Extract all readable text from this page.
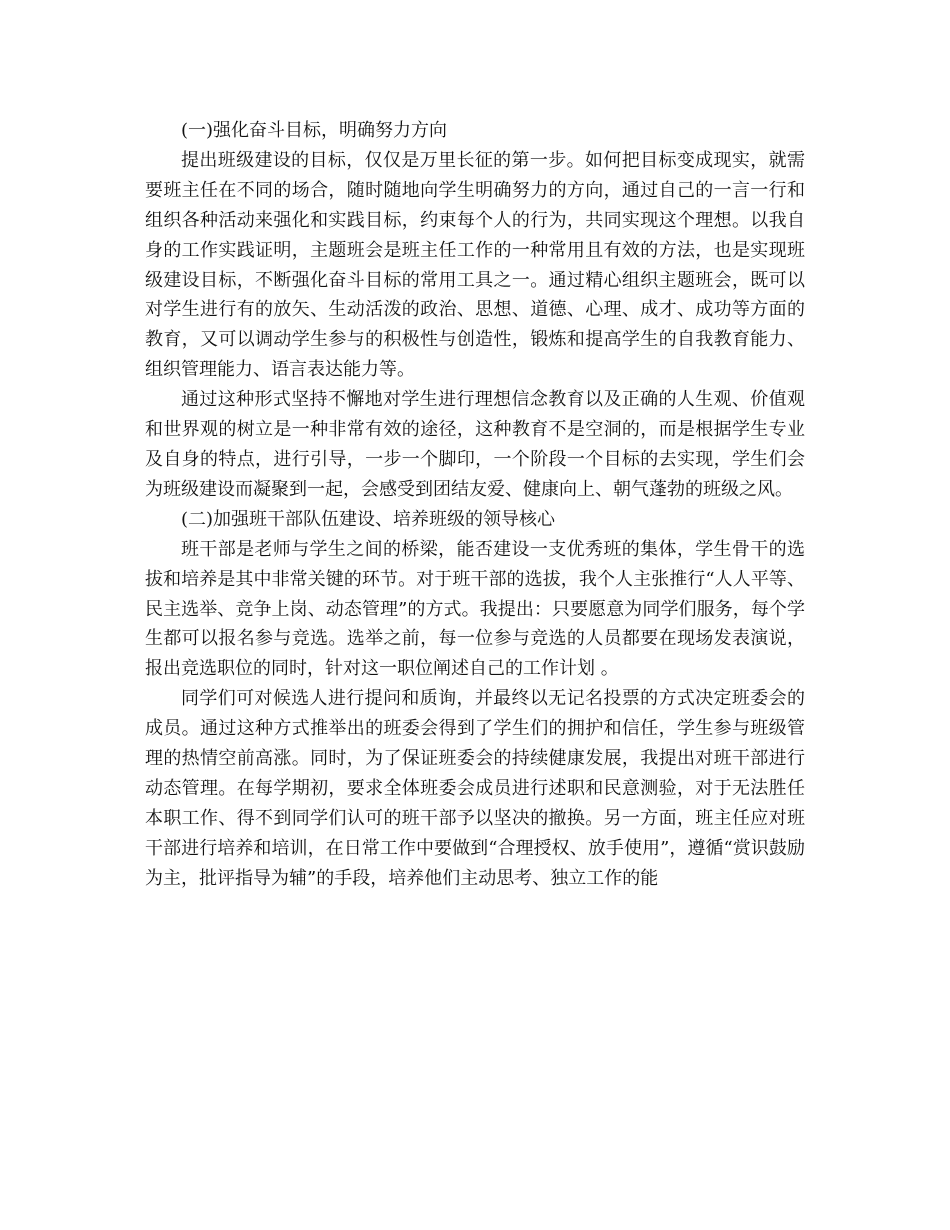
(一)强化奋斗目标，明确努力方向

提出班级建设的目标，仅仅是万里长征的第一步。如何把目标变成现实，就需要班主任在不同的场合，随时随地向学生明确努力的方向，通过自己的一言一行和组织各种活动来强化和实践目标，约束每个人的行为，共同实现这个理想。以我自身的工作实践证明，主题班会是班主任工作的一种常用且有效的方法，也是实现班级建设目标，不断强化奋斗目标的常用工具之一。通过精心组织主题班会，既可以对学生进行有的放矢、生动活泼的政治、思想、道德、心理、成才、成功等方面的教育，又可以调动学生参与的积极性与创造性，锻炼和提高学生的自我教育能力、组织管理能力、语言表达能力等。

通过这种形式坚持不懈地对学生进行理想信念教育以及正确的人生观、价值观和世界观的树立是一种非常有效的途径，这种教育不是空洞的，而是根据学生专业及自身的特点，进行引导，一步一个脚印，一个阶段一个目标的去实现，学生们会为班级建设而凝聚到一起，会感受到团结友爱、健康向上、朝气蓬勃的班级之风。

(二)加强班干部队伍建设、培养班级的领导核心

班干部是老师与学生之间的桥梁，能否建设一支优秀班的集体，学生骨干的选拔和培养是其中非常关键的环节。对于班干部的选拔，我个人主张推行“人人平等、民主选举、竞争上岗、动态管理”的方式。我提出：只要愿意为同学们服务，每个学生都可以报名参与竞选。选举之前，每一位参与竞选的人员都要在现场发表演说，报出竞选职位的同时，针对这一职位阐述自己的工作计划 。

同学们可对候选人进行提问和质询，并最终以无记名投票的方式决定班委会的成员。通过这种方式推举出的班委会得到了学生们的拥护和信任，学生参与班级管理的热情空前高涨。同时，为了保证班委会的持续健康发展，我提出对班干部进行动态管理。在每学期初，要求全体班委会成员进行述职和民意测验，对于无法胜任本职工作、得不到同学们认可的班干部予以坚决的撤换。另一方面，班主任应对班干部进行培养和培训，在日常工作中要做到“合理授权、放手使用”，遵循“赏识鼓励为主，批评指导为辅”的手段，培养他们主动思考、独立工作的能
